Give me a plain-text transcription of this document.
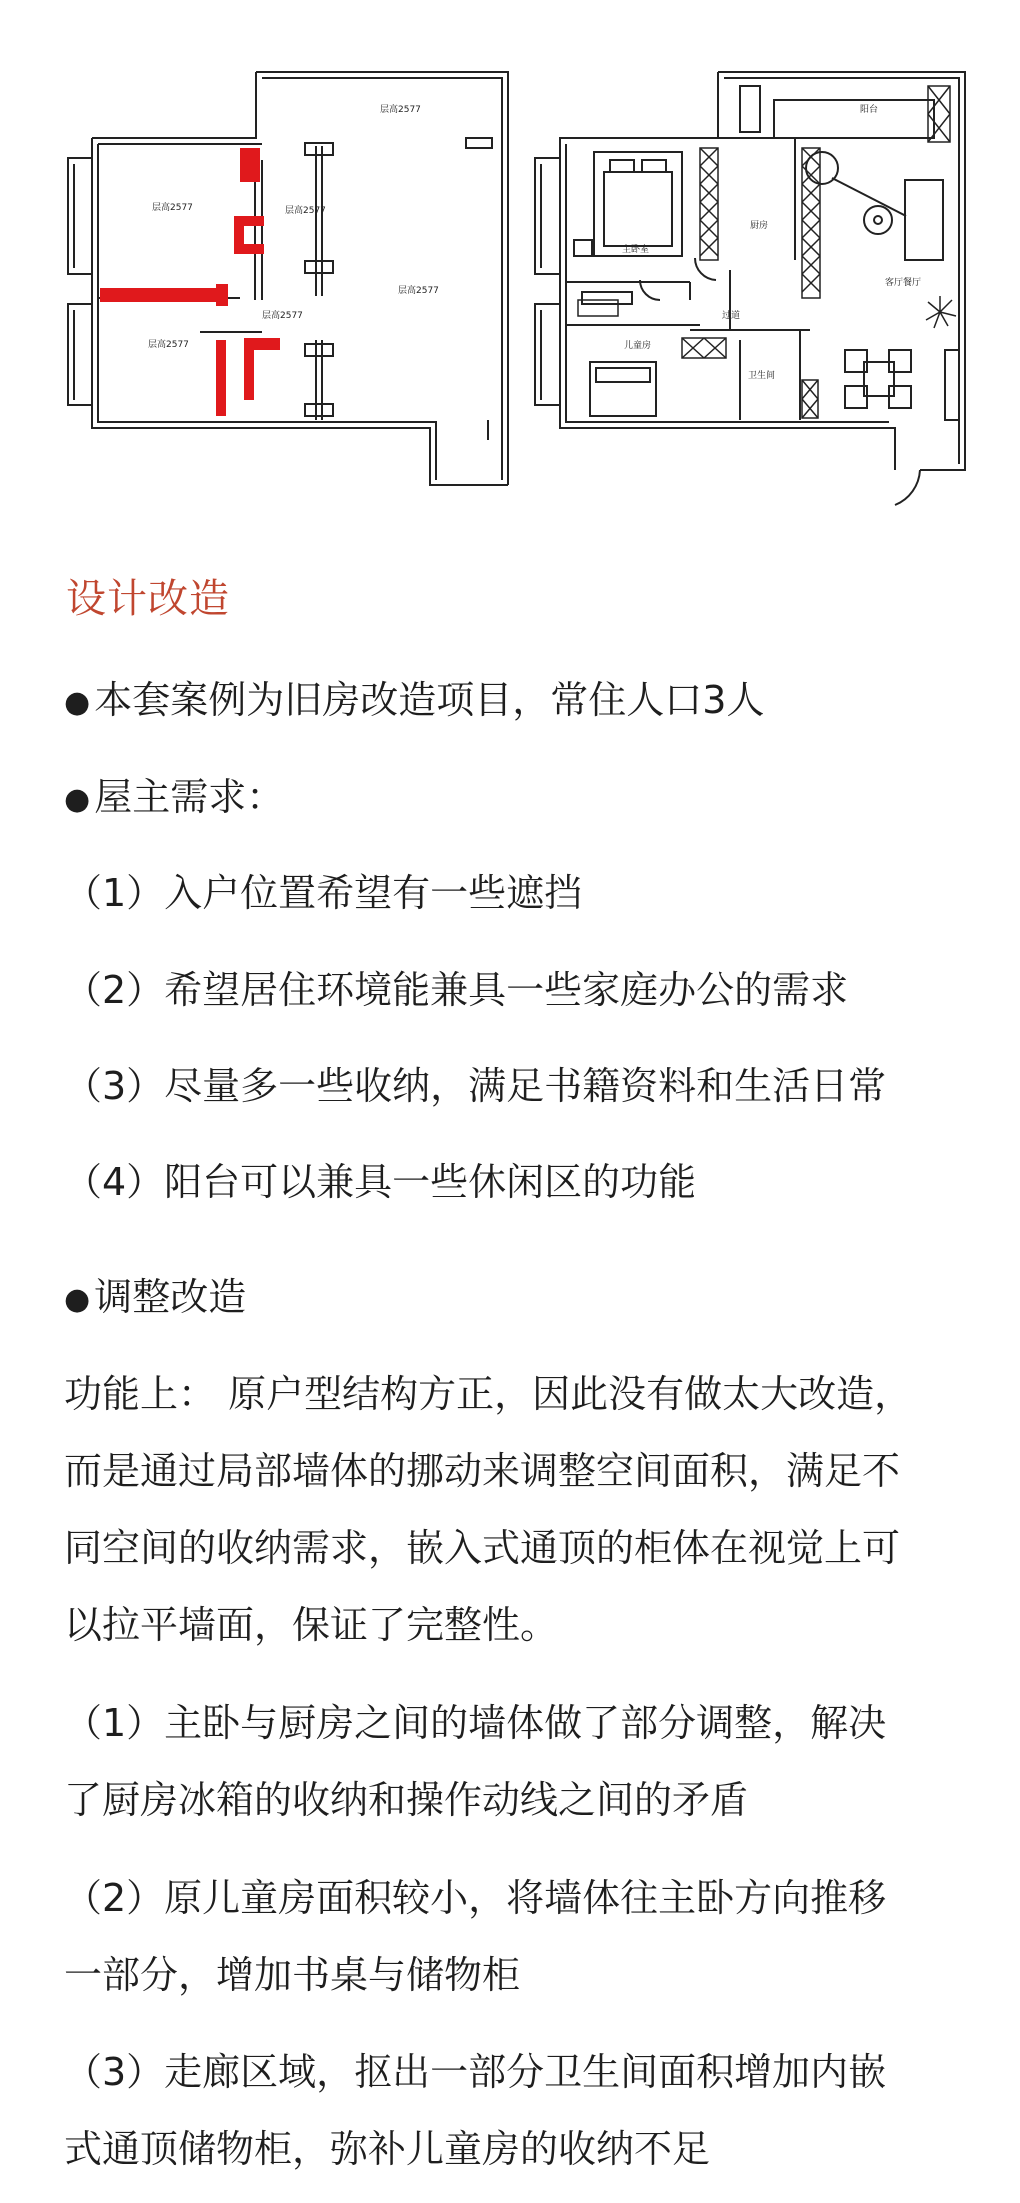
层高2577
层高2577	层高2577
层高2577
层高2577
层高2577
阳台
主卧室
厨房
客厅餐厅
儿童房
卫生间
过道
设计改造
● 本套案例为旧房改造项目，常住人口3人
● 屋主需求：
（1）入户位置希望有一些遮挡
（2）希望居住环境能兼具一些家庭办公的需求
（3）尽量多一些收纳，满足书籍资料和生活日常
（4）阳台可以兼具一些休闲区的功能
● 调整改造
功能上： 原户型结构方正，因此没有做太大改造，
而是通过局部墙体的挪动来调整空间面积，满足不
同空间的收纳需求，嵌入式通顶的柜体在视觉上可
以拉平墙面，保证了完整性。
（1）主卧与厨房之间的墙体做了部分调整，解决
了厨房冰箱的收纳和操作动线之间的矛盾
（2）原儿童房面积较小，将墙体往主卧方向推移
一部分，增加书桌与储物柜
（3）走廊区域，抠出一部分卫生间面积增加内嵌
式通顶储物柜，弥补儿童房的收纳不足
